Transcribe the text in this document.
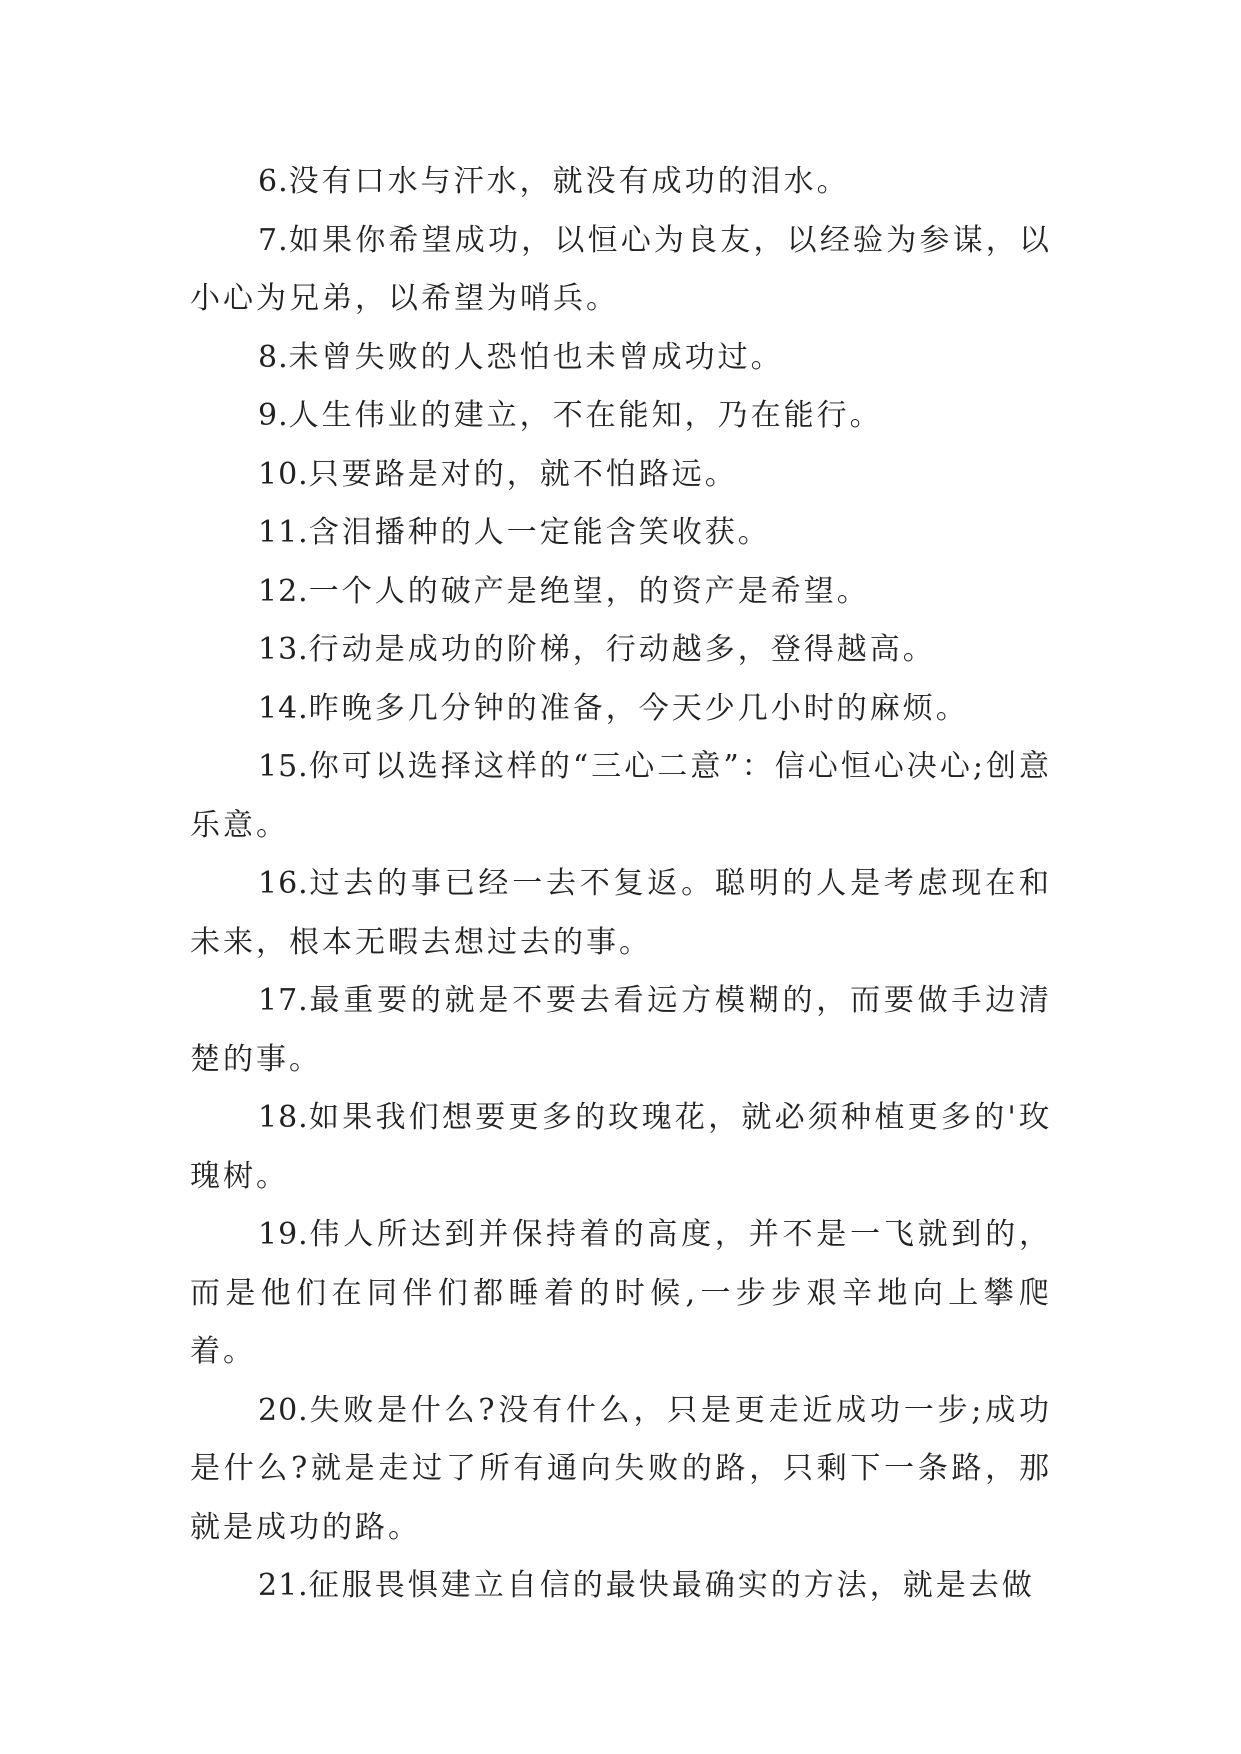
6.没有口水与汗水，就没有成功的泪水。

7.如果你希望成功，以恒心为良友，以经验为参谋，以小心为兄弟，以希望为哨兵。

8.未曾失败的人恐怕也未曾成功过。

9.人生伟业的建立，不在能知，乃在能行。

10.只要路是对的，就不怕路远。

11.含泪播种的人一定能含笑收获。

12.一个人的破产是绝望，的资产是希望。

13.行动是成功的阶梯，行动越多，登得越高。

14.昨晚多几分钟的准备，今天少几小时的麻烦。

15.你可以选择这样的“三心二意”：信心恒心决心;创意乐意。

16.过去的事已经一去不复返。聪明的人是考虑现在和未来，根本无暇去想过去的事。

17.最重要的就是不要去看远方模糊的，而要做手边清楚的事。

18.如果我们想要更多的玫瑰花，就必须种植更多的'玫瑰树。

19.伟人所达到并保持着的高度，并不是一飞就到的，而是他们在同伴们都睡着的时候,一步步艰辛地向上攀爬着。

20.失败是什么?没有什么，只是更走近成功一步;成功是什么?就是走过了所有通向失败的路，只剩下一条路，那就是成功的路。

21.征服畏惧建立自信的最快最确实的方法，就是去做
